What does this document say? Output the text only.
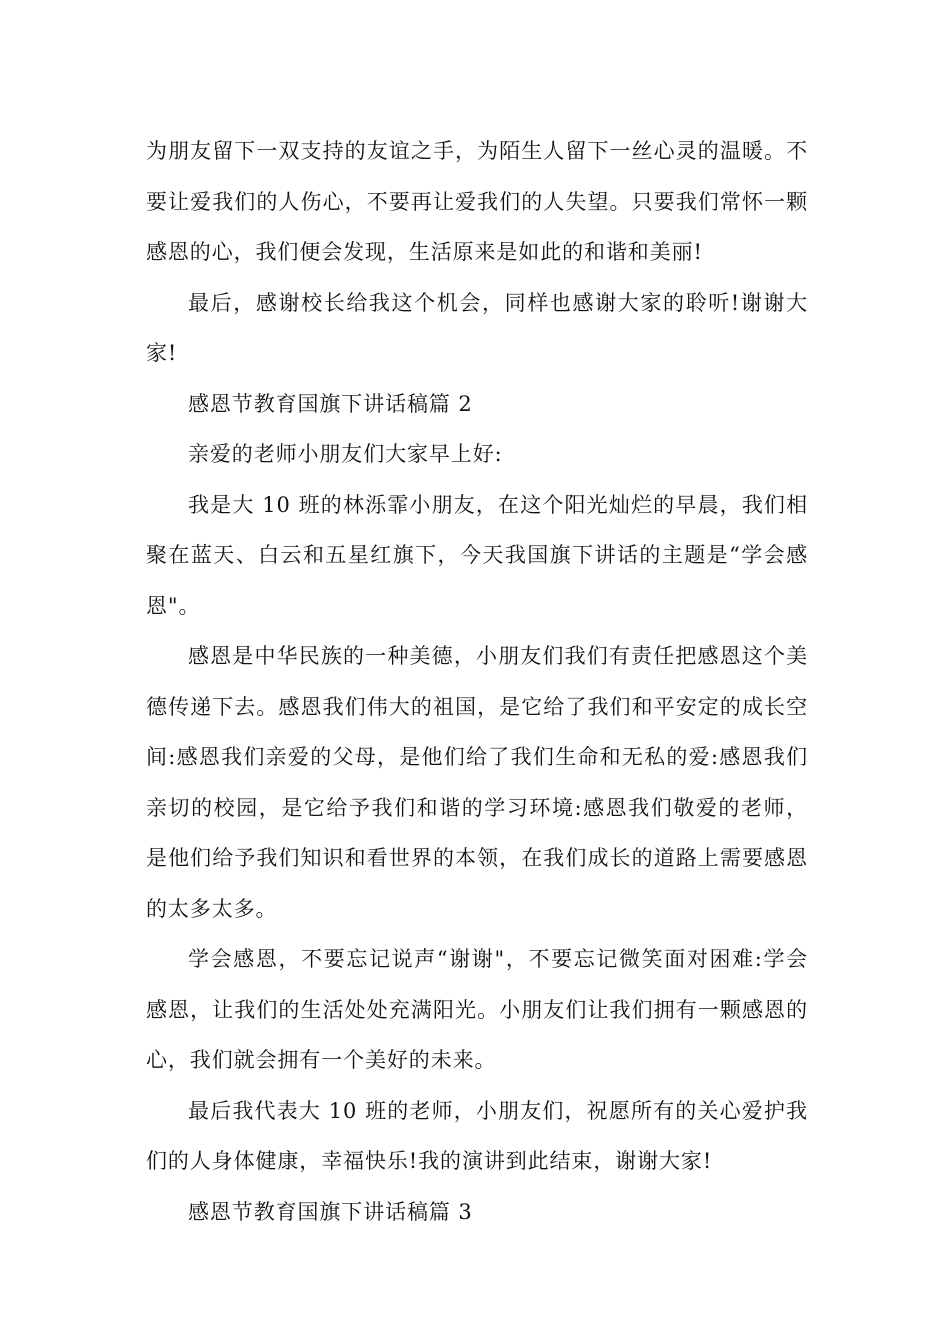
为朋友留下一双支持的友谊之手，为陌生人留下一丝心灵的温暖。不要让爱我们的人伤心，不要再让爱我们的人失望。只要我们常怀一颗感恩的心，我们便会发现，生活原来是如此的和谐和美丽!

最后，感谢校长给我这个机会，同样也感谢大家的聆听!谢谢大家!

感恩节教育国旗下讲话稿篇 2

亲爱的老师小朋友们大家早上好:

我是大 10 班的林泺霏小朋友，在这个阳光灿烂的早晨，我们相聚在蓝天、白云和五星红旗下，今天我国旗下讲话的主题是“学会感恩"。

感恩是中华民族的一种美德，小朋友们我们有责任把感恩这个美德传递下去。感恩我们伟大的祖国，是它给了我们和平安定的成长空间:感恩我们亲爱的父母，是他们给了我们生命和无私的爱:感恩我们亲切的校园，是它给予我们和谐的学习环境:感恩我们敬爱的老师，是他们给予我们知识和看世界的本领，在我们成长的道路上需要感恩的太多太多。

学会感恩，不要忘记说声“谢谢"，不要忘记微笑面对困难:学会感恩，让我们的生活处处充满阳光。小朋友们让我们拥有一颗感恩的心，我们就会拥有一个美好的未来。

最后我代表大 10 班的老师，小朋友们，祝愿所有的关心爱护我们的人身体健康，幸福快乐!我的演讲到此结束，谢谢大家!

感恩节教育国旗下讲话稿篇 3
